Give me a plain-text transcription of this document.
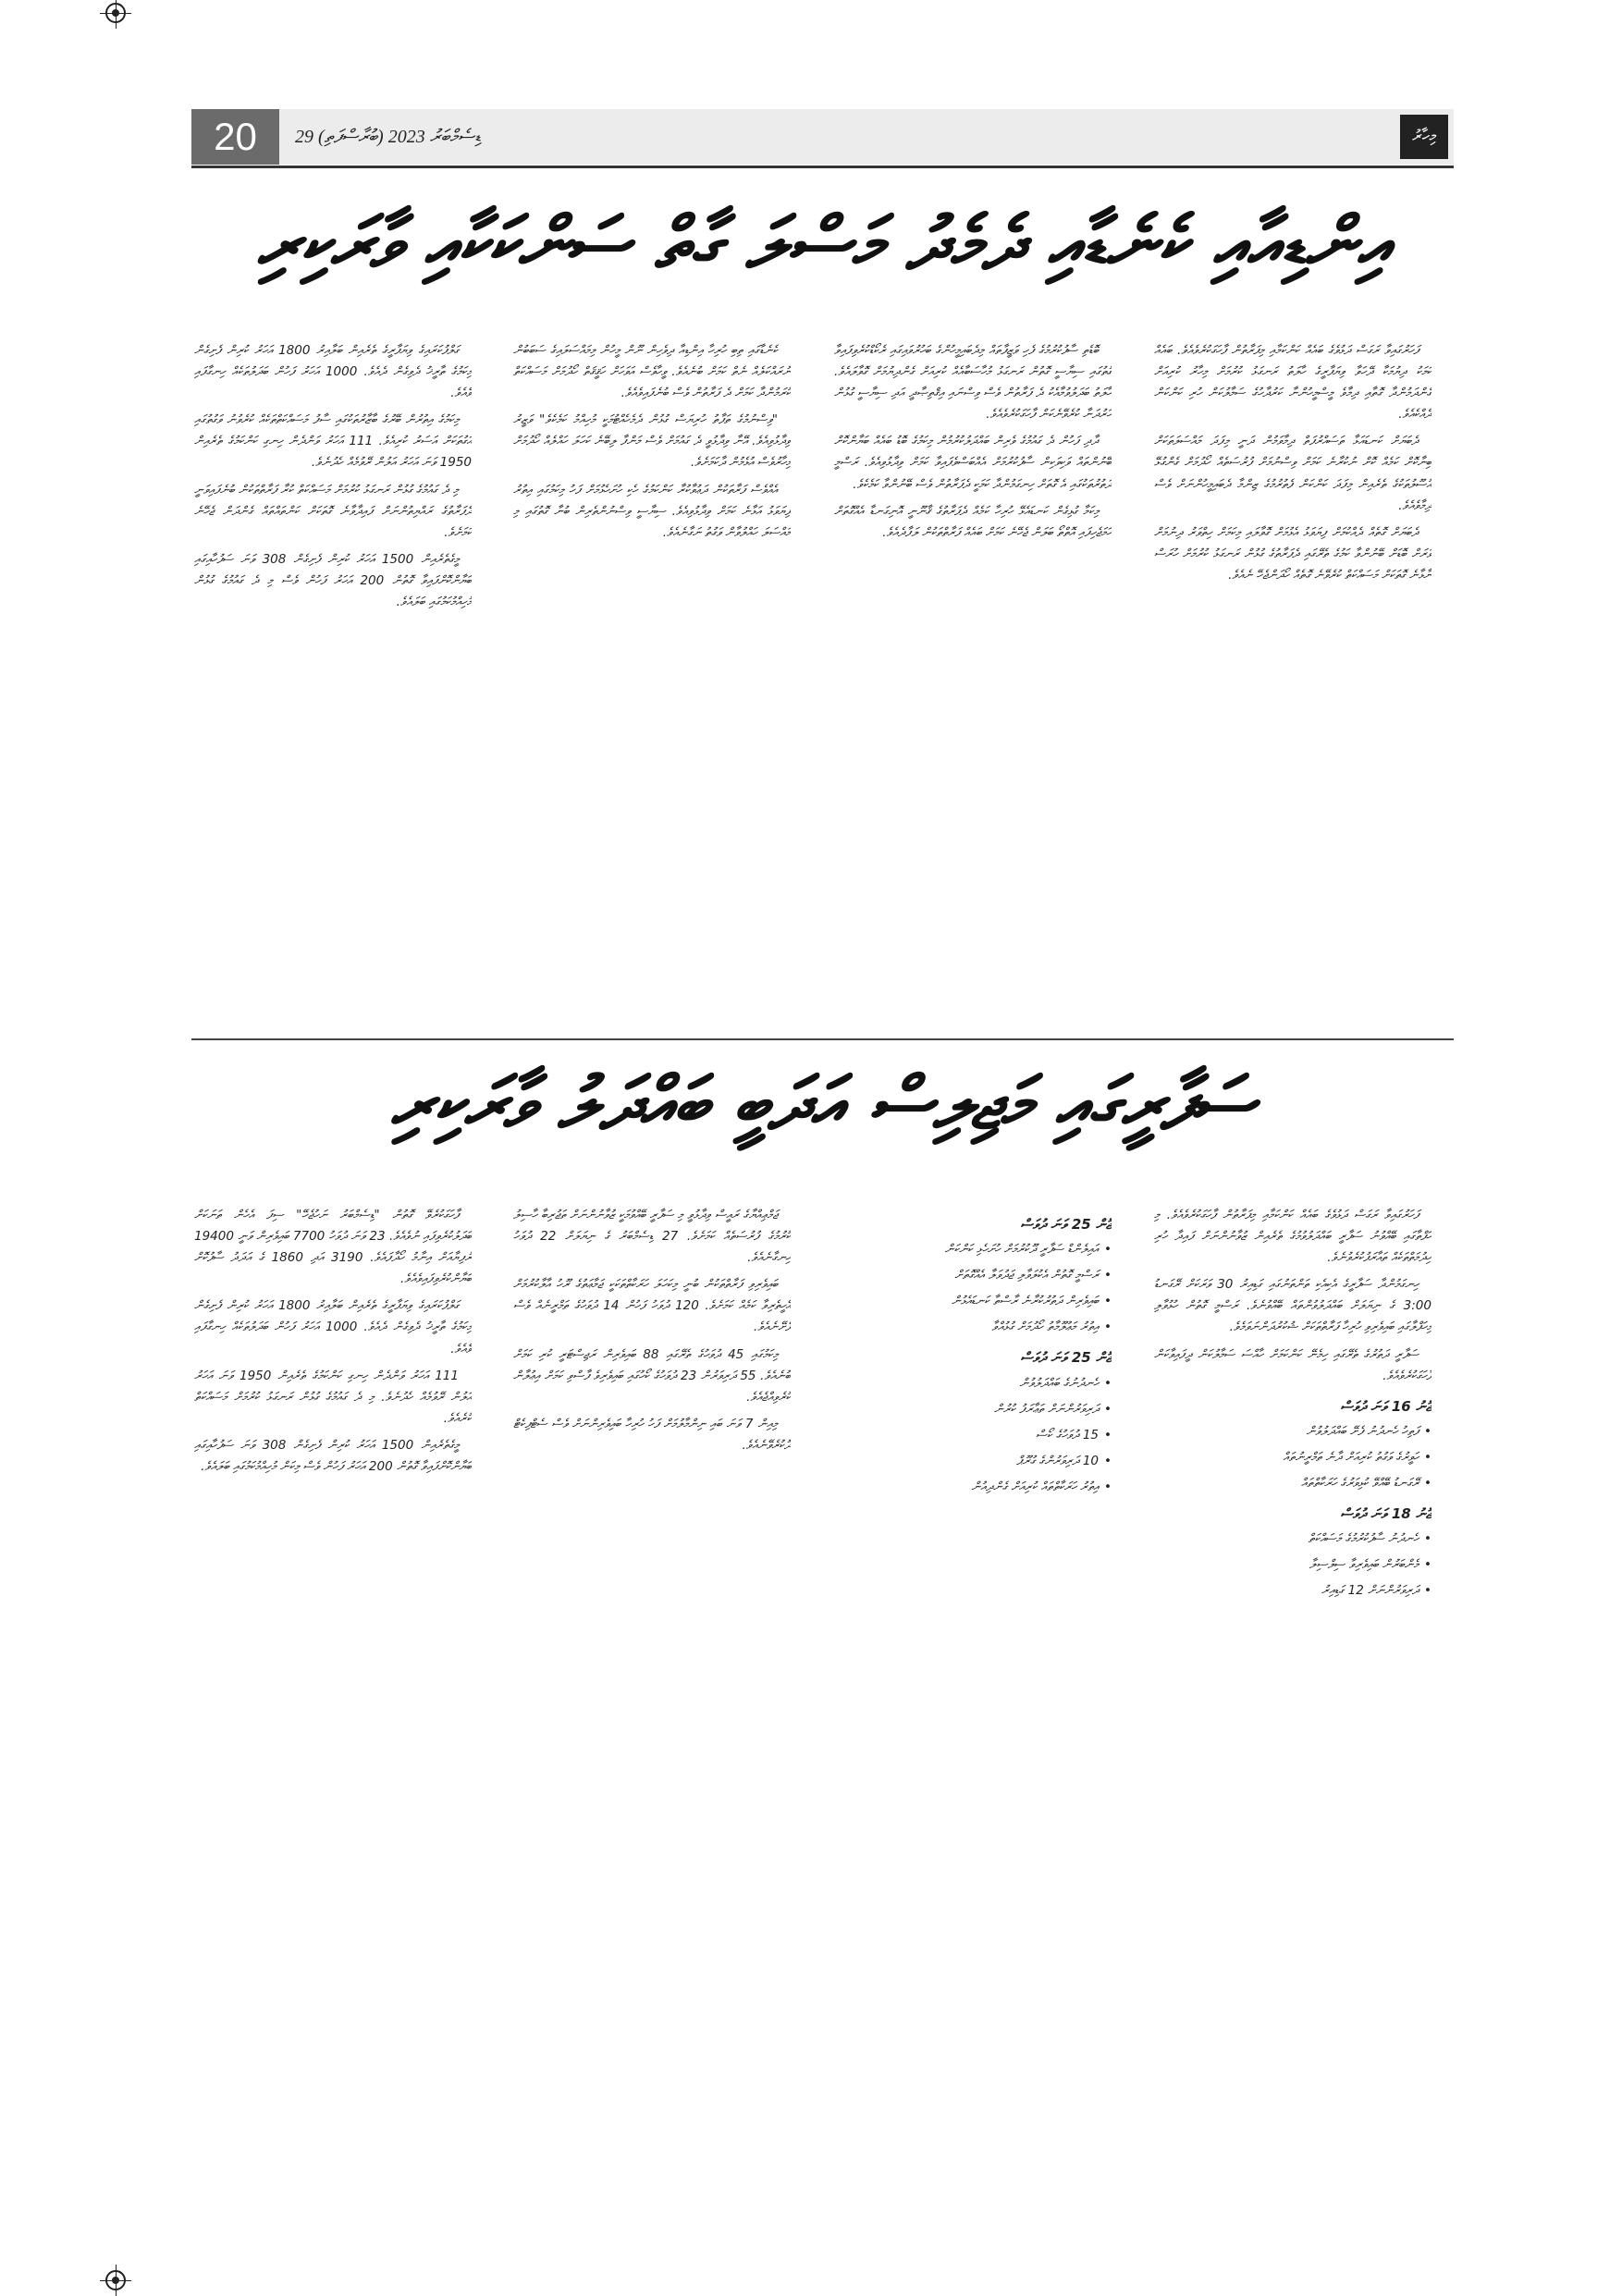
20	29 ޑިސެމްބަރު 2023 (ބުރާސްފަތި)	މިހާރު
އިންޑިއާއި ކެނެޑާއި ދެމެދު މަސްލަ ގާތް ސަންކަކާއި ވާރަކިރި

ފަހަރުގައިވާ ރަގަސް ދަޅުވެގެ ބައެއް ކަންކަމާއި މިފަރާތުން ފާހަގަކުރެވެއެވެ. ބައެއް ކަމަކު ދިޔުމަކާ ދޭހަވާ ވިޔަފާރީގެ ހާލަތު ރަނގަޅު ކުރުމަށް މިހާރު ކުރިއަށް ގެންދަމުންދާ ގޮތާއި ދިމާވެ މީސްމީހުންނާ ކަރުދާހުގެ ސަމާލުކަން ހުރި ކަންކަން ދެއްކެއެވެ.

ދެބަޔަށް ކަނޑައަޅާ ތަސައްރުފަތް ދިމާވަމުން ދަނީ މިފަދަ މައްސަލަތަކަށް ބިނާކޮށް ކަމެއް ކޮށް ނުކުރާނެ ކަމަށް ވިސްނުމަށް ފުރުސަތެއް ހޯދުމަށް ގެންގުޅޭ އުސޫލުތަކުގެ ތެރެއިން މިފަދަ ކަންކަން ފެތުރުމުގެ ޒިންމާ ދެބައިމީހުންނަށް ވެސް ދިމާވެއެވެ.

ދެބަޔަށް ގޮތެއް ދެއްކުމަށް ފިޔަވަޅު އެޅުމަށް ގޮވާލައި މިކަމަށް ހިތްވަރު ދިނުމަށް ވަރަށް ބޮޑަށް ބޭނުންވާ ކަމުގެ ތެރޭގައި ދެފަރާތުގެ ގުޅުން ރަނގަޅު ކުރުމަށް ހުރަސް ނާޅާނެ ގޮތަކަށް މަސައްކަތް ކުރެވޭނެ ގޮތެއް ހޯދަންޖެހޭ ނެއެވެ.

ބޮޑެތި ސާފުކުރުމުގެ ފެހި ވަޒީފާތައް މިދެބައިމީހުންގެ ބަހުރުވައިގައި ރެކޯޑްކުރެވިފައިވާ ގޮތުގައި ސިޔާސީ ގޮތުން ރަނގަޅު މުހާސަބާއެއް ކުރިއަށް ގެންދިޔުމަށް ގޮވާލައެވެ. ހާލަތު ބަދަލުވުމާއެކު ދެ ފަރާތުން ވެސް ވިސްނައި އިޤްތިޞާދީ އަދި ސިޔާސީ ގުޅުން ހަރުދަނާ ކުރެވޭނެކަން ފާހަގަކުރެވެއެވެ.

ދާދި ފަހުން ދެ ގައުމުގެ ވެރިން ބައްދަލުކުރުމުން މިކަމުގެ ބޮޑު ބައެއް ބަޔާންކޮށް ބޭނުންތައް ވަކިވަކިން ސާފުކުރުމަށް އެއްބަސްވެފައިވާ ކަމަށް ވިދާޅުވިއެވެ. ރަސްމީ ދަތުރުތަކުގައި އެ ގޮތަށް ހިނގަމުންދާ ކަމަކީ ދެފަރާތުން ވެސް ބޭނުންވާ ކަމެކެވެ.

މިކަމާ ގުޅިގެން ކަނޑައެޅޭ ހުރިހާ ކަމެއް ދެފަރާތުގެ ޤާނޫނީ އޮނިގަނޑާ އެއްގޮތަށް ހަމަޖެހިފައި އޮތްތޯ ބަލަން ޖެހޭނެ ކަމަށް ބައެއް ފަރާތްތަކުން ލަފާދެއެވެ.

ކެނެޑާގައި ތިބި ހުރިހާ އިންޑިއާ ދިވެހިން ނޫން މީހުން މިމައްސަލައިގެ ސަބަބުން ނުރައްކަލެއް ނެތް ކަމަށް ބުނެއެވެ. ވީހާވެސް އަވަހަށް ހަޤީޤަތް ހޯދުމަށް މަސައްކަތް ކުރަމުންދާ ކަމަށް ދެ ފަރާތުން ވެސް ބުނެފައިވެއެވެ.

"ވިސްނުމުގެ ތަފާތު ހުރިޔަސް ގުޅުން ދެމެހެއްޓުމަކީ މުހިއްމު ކަމެކެވެ" ވަޒީރު ވިދާޅުވިއެވެ. އޭނާ ވިދާޅުވީ ދެ ގައުމަށް ވެސް މަންފާ ލިބޭނެ ކަހަލަ ހައްލެއް ހޯދުމަށް މިހާރުވެސް އުޅެމުން ދާކަމަށެވެ.

އެއްވެސް ފަރާތަކުން ދަޢުވާކުރާ ކަންކަމުގެ ހެކި ހުށަހެޅުމަށް ފަހު މިކަމުގައި އިތުރު ފިޔަވަޅު އަޅާނެ ކަމަށް ވިދާޅުވިއެވެ. ސިޔާސީ ވިސްނުންތެރިން ބުނާ ގޮތުގައި މި މައްސަލަ ހައްލުވާން ވަގުތު ނަގާނެއެވެ.

ގަލްފުކަރައިގެ ވިޔަފާރީގެ ތެރެއިން ބަލާއިރު 1800 އަހަރު ކުރިން ފެށިގެން މިކަމުގެ ތާރީޚު ދެވިގެން ދެއެވެ. 1000 އަހަރު ފަހުން ބަދަލުތަކެއް ހިނގާފައި ވެއެވެ.

މިކަމުގެ އިތުރުން ބޭރުގެ ބާޒާރުތަކުގައި ސާފު މަސައްކަތްތަކެއް ކުރެވުނު ވަގުތުގައި އަގުތަކަށް އަސަރު ކުރިއެވެ. 111 އަހަރު ވަންދެން ހިނގި ކަންކަމުގެ ތެރެއިން 1950 ވަނަ އަހަރު އަލުން ރޭވުމެއް ހެދުނެވެ.

މި ދެ ގައުމުގެ ގުޅުން ރަނގަޅު ކުރުމަށް މަސައްކަތް ކުރާ ފަރާތްތަކުން ބުނެފައިވަނީ ދެފަރާތުގެ ރައްޔިތުންނަށް ފައިދާވާނެ ގޮތަކަށް ކަންތައްތައް ގެންދަން ޖެހޭނެ ކަމަށެވެ.

މީގެތެރެއިން 1500 އަހަރު ކުރިން ފެށިގެން 308 ވަނަ ސަފުހާއިގައި ބަޔާންކޮށްފައިވާ ގޮތުން 200 އަހަރު ފަހުން ވެސް މި ދެ ގައުމުގެ ގުޅުން މުހިއްމުކަމުގައި ބަލައެވެ.

ސަފާރީގައި މަޖިލިސް އަދަބީ ބައްދަލު ވާރަކިރި

ފަހަރުގައިވާ ރަގަސް ދަޅުވެގެ ބައެއް ކަންކަމާއި މިފަރާތުން ފާހަގަކުރެވެއެވެ. މި ހަފްތާގައި ބޭއްވުނު ސަފާރީ ބައްދަލުވުމުގެ ތެރެއިން ޒުވާނުންނަށް ފައިދާ ހުރި ހިދުމަތްތަކެއް ތައާރަފުކުރެވުނެވެ.

ހިނގަމުންދާ ސަފާރީގެ އެކިއެކި ތަންތަނުގައި ގަޑިއިރު 30 ވަރަކަށް ރޭގަނޑު 3:00 ގެ ނިޔަލަށް ބައްދަލުވުންތައް ބޭއްވުނެވެ. ރަސްމީ ގޮތުން ހުޅުވާލި މިހަފްލާގައި ބައިވެރިވި ހުރިހާ ފަރާތްތަކަށް ޝުކުރުދަންނަވަމެވެ.

ސަފާރީ ދަތުރުގެ ތެރޭގައި ހިމެނޭ ކަންކަމަށް ހާއްސަ ސަމާލުކަން ދީފައިވާކަން ފާހަގަކުރެވެއެވެ.

ޖޫނު 16 ވަނަ ދުވަސް
• ފަތިހު ހެނދުނު ފެށޭ ބައްދަލުވުން
• ހަވީރުގެ ވަގުތު ކުރިއަށް ދާނެ ތަމްރީނުތައް
• ރޭގަނޑު ބޭއްވޭ ކުޅިވަރުގެ ހަރަކާތްތައް
ޖޫނު 18 ވަނަ ދުވަސް
• ހެނދުނު ސާފުކުރުމުގެ މަސައްކަތް
• މެންބަރުން ބައިވެރިވާ ސިލްސިލާ
• ދަރިވަރުންނަށް 12 ގަޑިއިރު
ޖޫން 25 ވަނަ ދުވަސް
• އައިލެންޑް ސަފާރީ ދޫކުރުމަށް ހުށަހެޅި ކަންކަން
• ރަސްމީ ގޮތުން އެކުލަވާލި ޖަދުވަލާ އެއްގޮތަށް
• ބައިވެރިން ދަތުރުކުރާނެ ރާސްތާ ކަނޑައެޅުން
• އިތުރު މަޢުލޫމާތު ހޯދުމަށް ގުޅުއްވާ
ޖޫން 25 ވަނަ ދުވަސް
• ހެނދުނުގެ ބައްދަލުވުން
• ދަރިވަރުންނަށް ތަޢާރަފު ކުރުން
• 15 ދުވަހުގެ ކޯސް
• 10 ދަރިވަރުންގެ ގުރޫޕް
• އިތުރު ހަރަކާތްތައް ކުރިއަށް ގެންދިއުން

ޖަމްޢިއްޔާގެ ރައީސް ވިދާޅުވީ މި ސަފާރީ ބޭއްވުމަކީ ޒުވާނުންނަށް ތަޖުރިބާ ހާސިލު ކުރުމުގެ ފުރުސަތެއް ކަމަށެވެ. 27 ޑިސެމްބަރު ގެ ނިޔަލަށް 22 ދުވަހު ހިނގާނެއެވެ.

ބައިވެރިވި ފަރާތްތަކުން ބުނީ މިކަހަލަ ހަރަކާތްތަކަކީ ޖަމާޢަތުގެ ރޫހު އާލާކުރުމަށް އެހީތެރިވާ ކަމެއް ކަމަށެވެ. 120 ދުވަހު ފަހުން 14 ދުވަހުގެ ތަމްރީނެއް ވެސް ފެށޭނެއެވެ.

މިކަމުގައި 45 ދުވަހުގެ ތެރޭގައި 88 ބައިވެރިން ރަޖިސްޓަރީ ކުރި ކަމަށް ބުނެއެވެ. 55 ދަރިވަރުން 23 ދުވަހުގެ ކޯހުގައި ބައިވެރިވެ ފާސްވި ކަމަށް އިޢުލާން ކުރެވިއްޖެއެވެ.

މިއިން 7 ވަނަ ބައި ނިންމާލުމަށް ފަހު ހުރިހާ ބައިވެރިންނަށް ވެސް ސެޓްފިކެޓް ދޫކުރެވޭނެއެވެ.

ފާހަގަކުރެވޭ ގޮތުން "ޑިސެމްބަރު ނަހުޖެހޭ" ސިފަ އެހެން ތަނަކަށް ބަދަލުކުރެވިފައި ނުވެއެވެ. 23 ވަނަ ދުވަހު 7700 ބައިވެރިން ވަނީ 19400 ރުފިޔާއަށް އިނާމު ހޯދާފައެވެ. 3190 އަދި 1860 ގެ އަދަދު ސާފުކޮށް ބަޔާންކުރެވިފައިވެއެވެ.

ގަލްފުކަރައިގެ ވިޔަފާރީގެ ތެރެއިން ބަލާއިރު 1800 އަހަރު ކުރިން ފެށިގެން މިކަމުގެ ތާރީޚު ދެވިގެން ދެއެވެ. 1000 އަހަރު ފަހުން ބަދަލުތަކެއް ހިނގާފައި ވެއެވެ.

111 އަހަރު ވަންދެން ހިނގި ކަންކަމުގެ ތެރެއިން 1950 ވަނަ އަހަރު އަލުން ރޭވުމެއް ހެދުނެވެ. މި ދެ ގައުމުގެ ގުޅުން ރަނގަޅު ކުރުމަށް މަސައްކަތް ކުރެއެވެ.

މީގެތެރެއިން 1500 އަހަރު ކުރިން ފެށިގެން 308 ވަނަ ސަފުހާއިގައި ބަޔާންކޮށްފައިވާ ގޮތުން 200 އަހަރު ފަހުން ވެސް މިކަން މުހިއްމުކަމުގައި ބަލައެވެ.
